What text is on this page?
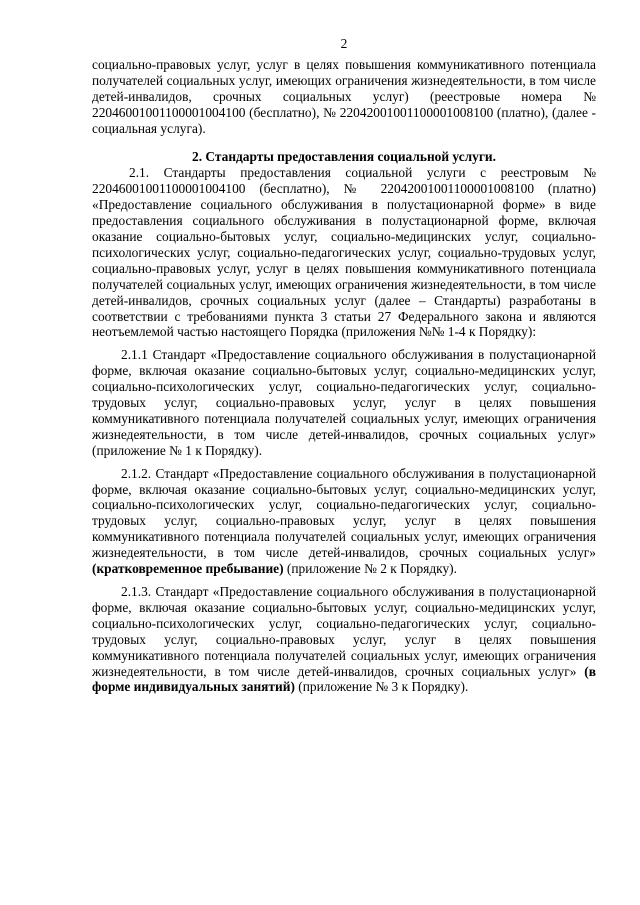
2

социально-правовых услуг, услуг в целях повышения коммуникативного потенциала получателей социальных услуг, имеющих ограничения жизнедеятельности, в том числе детей-инвалидов, срочных социальных услуг) (реестровые номера № 22046001001100001004100 (бесплатно), № 22042001001100001008100 (платно), (далее - социальная услуга).

2. Стандарты предоставления социальной услуги.

2.1. Стандарты предоставления социальной услуги с реестровым № 22046001001100001004100 (бесплатно), № 22042001001100001008100 (платно) «Предоставление социального обслуживания в полустационарной форме» в виде предоставления социального обслуживания в полустационарной форме, включая оказание социально-бытовых услуг, социально-медицинских услуг, социально-психологических услуг, социально-педагогических услуг, социально-трудовых услуг, социально-правовых услуг, услуг в целях повышения коммуникативного потенциала получателей социальных услуг, имеющих ограничения жизнедеятельности, в том числе детей-инвалидов, срочных социальных услуг (далее – Стандарты) разработаны в соответствии с требованиями пункта 3 статьи 27 Федерального закона и являются неотъемлемой частью настоящего Порядка (приложения №№ 1-4 к Порядку):

2.1.1 Стандарт «Предоставление социального обслуживания в полустационарной форме, включая оказание социально-бытовых услуг, социально-медицинских услуг, социально-психологических услуг, социально-педагогических услуг, социально-трудовых услуг, социально-правовых услуг, услуг в целях повышения коммуникативного потенциала получателей социальных услуг, имеющих ограничения жизнедеятельности, в том числе детей-инвалидов, срочных социальных услуг» (приложение № 1 к Порядку).

2.1.2. Стандарт «Предоставление социального обслуживания в полустационарной форме, включая оказание социально-бытовых услуг, социально-медицинских услуг, социально-психологических услуг, социально-педагогических услуг, социально-трудовых услуг, социально-правовых услуг, услуг в целях повышения коммуникативного потенциала получателей социальных услуг, имеющих ограничения жизнедеятельности, в том числе детей-инвалидов, срочных социальных услуг» (кратковременное пребывание) (приложение № 2 к Порядку).

2.1.3. Стандарт «Предоставление социального обслуживания в полустационарной форме, включая оказание социально-бытовых услуг, социально-медицинских услуг, социально-психологических услуг, социально-педагогических услуг, социально-трудовых услуг, социально-правовых услуг, услуг в целях повышения коммуникативного потенциала получателей социальных услуг, имеющих ограничения жизнедеятельности, в том числе детей-инвалидов, срочных социальных услуг» (в форме индивидуальных занятий) (приложение № 3 к Порядку).
